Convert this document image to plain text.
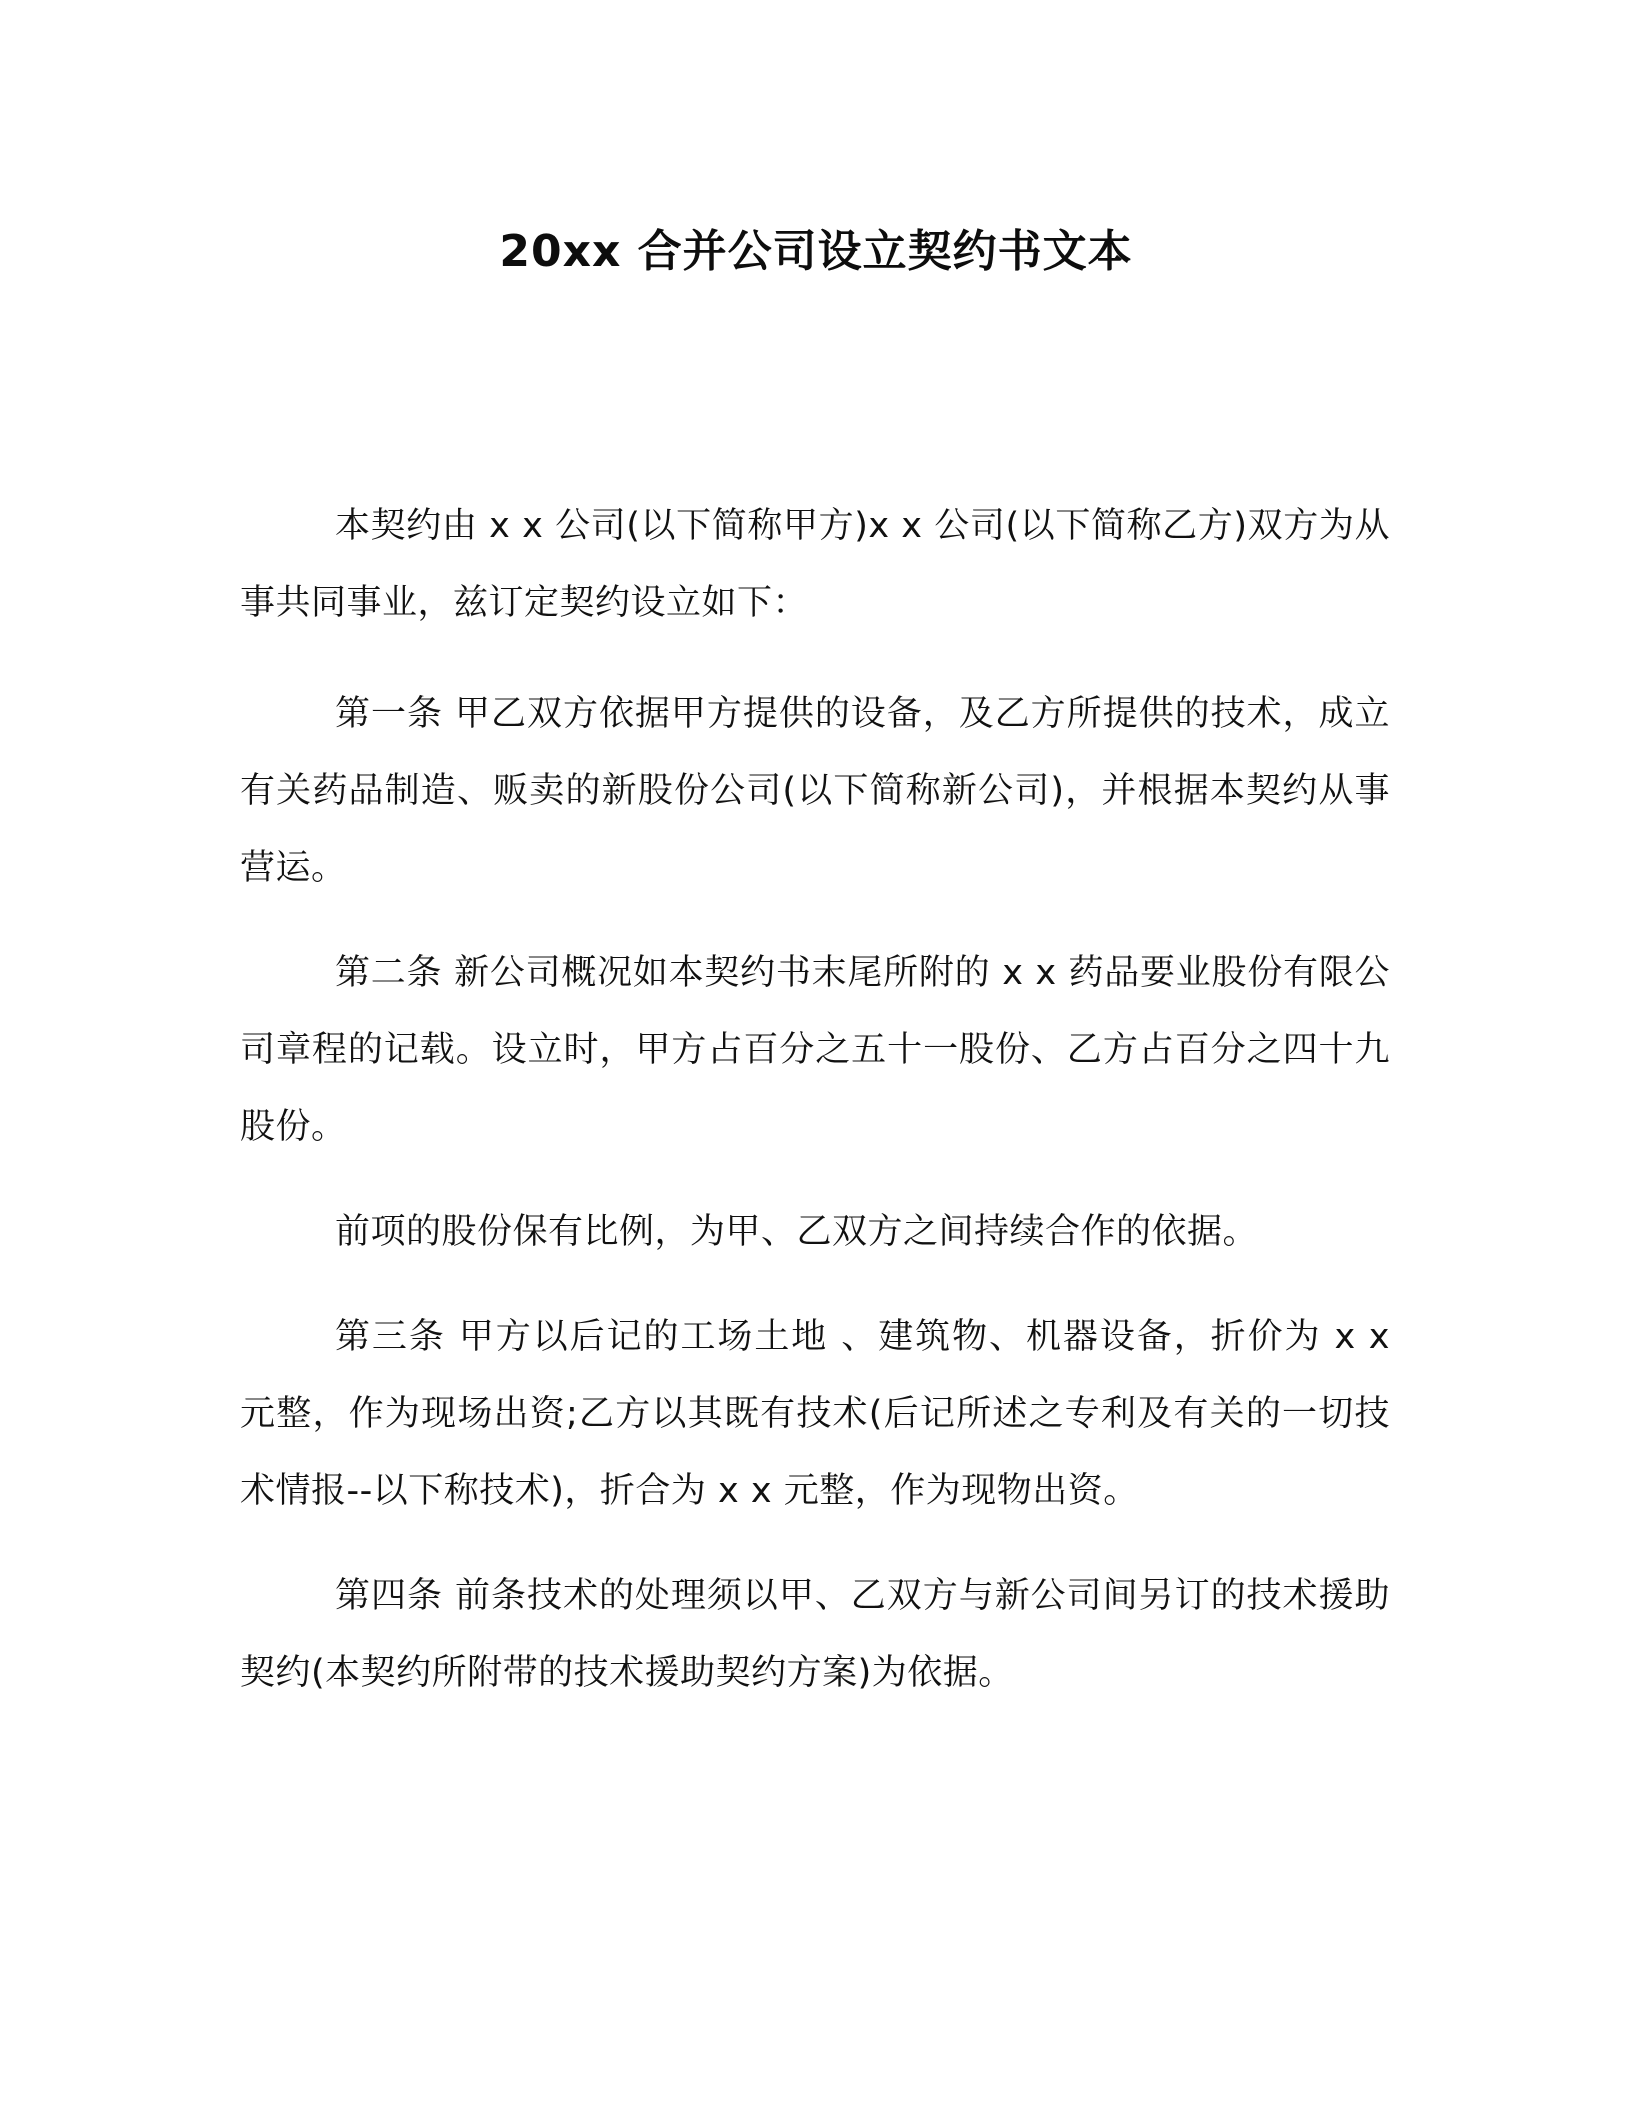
20xx 合并公司设立契约书文本

本契约由 x x 公司(以下简称甲方)x x 公司(以下简称乙方)双方为从事共同事业，兹订定契约设立如下：

第一条 甲乙双方依据甲方提供的设备，及乙方所提供的技术，成立有关药品制造、贩卖的新股份公司(以下简称新公司)，并根据本契约从事营运。

第二条 新公司概况如本契约书末尾所附的 x x 药品要业股份有限公司章程的记载。设立时，甲方占百分之五十一股份、乙方占百分之四十九股份。

前项的股份保有比例，为甲、乙双方之间持续合作的依据。

第三条 甲方以后记的工场土地 、建筑物、机器设备，折价为 x x 元整，作为现场出资;乙方以其既有技术(后记所述之专利及有关的一切技术情报--以下称技术)，折合为 x x 元整，作为现物出资。

第四条 前条技术的处理须以甲、乙双方与新公司间另订的技术援助契约(本契约所附带的技术援助契约方案)为依据。
